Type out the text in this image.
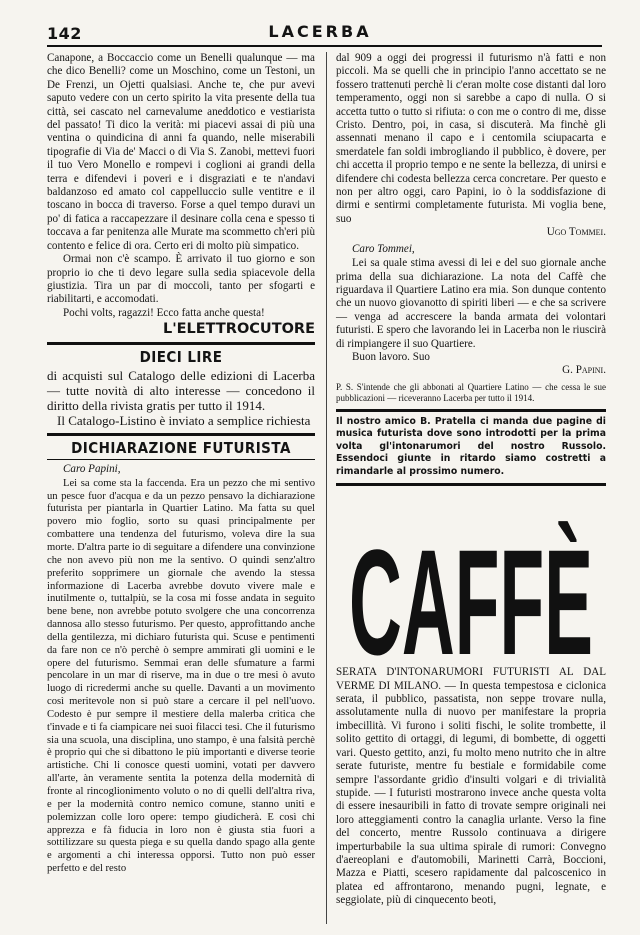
142	LACERBA

Canapone, a Boccaccio come un Benelli qualunque — ma che dico Benelli? come un Moschino, come un Testoni, un De Frenzi, un Ojetti qualsiasi. Anche te, che pur avevi saputo vedere con un certo spirito la vita presente della tua città, sei cascato nel carnevalume aneddotico e vestiarista del passato! Ti dico la verità: mi piacevi assai di più una ventina o quindicina di anni fa quando, nelle miserabili tipografie di Via de' Macci o di Via S. Zanobi, mettevi fuori il tuo Vero Monello e rompevi i coglioni ai grandi della terra e difendevi i poveri e i disgraziati e te n'andavi baldanzoso ed amato col cappelluccio sulle ventitre e il toscano in bocca di traverso. Forse a quel tempo duravi un po' di fatica a raccapezzare il desinare colla cena e spesso ti toccava a far penitenza alle Murate ma scommetto ch'eri più contento e felice di ora. Certo eri di molto più simpatico.

Ormai non c'è scampo. È arrivato il tuo giorno e son proprio io che ti devo legare sulla sedia spiacevole della giustizia. Tira un par di moccoli, tanto per sfogarti e riabilitarti, e accomodati.

Pochi volts, ragazzi! Ecco fatta anche questa!

L'ELETTROCUTORE
DIECI LIRE

di acquisti sul Catalogo delle edizioni di Lacerba — tutte novità di alto interesse — concedono il diritto della rivista gratis per tutto il 1914.

Il Catalogo-Listino è inviato a semplice richiesta

DICHIARAZIONE FUTURISTA

Caro Papini,

Lei sa come sta la faccenda. Era un pezzo che mi sentivo un pesce fuor d'acqua e da un pezzo pensavo la dichiarazione futurista per piantarla in Quartier Latino. Ma fatta su quel povero mio foglio, sorto su quasi principalmente per combattere una tendenza del futurismo, voleva dire la sua morte. D'altra parte io di seguitare a difendere una convinzione che non avevo più non me la sentivo. O quindi senz'altro preferito sopprimere un giornale che avendo la stessa informazione di Lacerba avrebbe dovuto vivere male e inutilmente o, tuttalpiù, se la cosa mi fosse andata in seguito bene bene, non avrebbe potuto svolgere che una concorrenza dannosa allo stesso futurismo. Per questo, approfittando anche della gentilezza, mi dichiaro futurista qui. Scuse e pentimenti da fare non ce n'ò perchè ò sempre ammirati gli uomini e le opere del futurismo. Semmai eran delle sfumature a farmi pencolare in un mar di riserve, ma in due o tre mesi ò avuto luogo di ricredermi anche su quelle. Davanti a un movimento così meritevole non si può stare a cercare il pel nell'uovo. Codesto è pur sempre il mestiere della malerba critica che t'invade e ti fa ciampicare nei suoi filacci tesi. Che il futurismo sia una scuola, una disciplina, uno stampo, è una falsità perchè è proprio qui che si dibattono le più importanti e diverse teorie artistiche. Chi li conosce questi uomini, votati per davvero all'arte, àn veramente sentita la potenza della modernità di fronte al rincoglionimento voluto o no di quelli dell'altra riva, e per la modernità contro nemico comune, stanno uniti e polemizzan colle loro opere: tempo giudicherà. E così chi apprezza e fà fiducia in loro non è giusta stia fuori a sottilizzare su questa piega e su quella dando spago alla gente e argomenti a chi interessa opporsi. Tutto non può esser perfetto e del resto

dal 909 a oggi dei progressi il futurismo n'à fatti e non piccoli. Ma se quelli che in principio l'anno accettato se ne fossero trattenuti perchè li c'eran molte cose distanti dal loro temperamento, oggi non si sarebbe a capo di nulla. O si accetta tutto o tutto si rifiuta: o con me o contro di me, disse Cristo. Dentro, poi, in casa, si discuterà. Ma finchè gli assennati menano il capo e i centomila sciupacarta e smerdatele fan soldi imbrogliando il pubblico, è dovere, per chi accetta il proprio tempo e ne sente la bellezza, di unirsi e difendere chi codesta bellezza cerca concretare. Per questo e non per altro oggi, caro Papini, io ò la soddisfazione di dirmi e sentirmi completamente futurista. Mi voglia bene, suo

Ugo Tommei.

Caro Tommei,

Lei sa quale stima avessi di lei e del suo giornale anche prima della sua dichiarazione. La nota del Caffè che riguardava il Quartiere Latino era mia. Son dunque contento che un nuovo giovanotto di spiriti liberi — e che sa scrivere — venga ad accrescere la banda armata dei volontari futuristi. E spero che lavorando lei in Lacerba non le riuscirà di rimpiangere il suo Quartiere.

Buon lavoro. Suo

G. Papini.

P. S. S'intende che gli abbonati al Quartiere Latino — che cessa le sue pubblicazioni — riceveranno Lacerba per tutto il 1914.
Il nostro amico B. Pratella ci manda due pagine di musica futurista dove sono introdotti per la prima volta gl'intonarumori del nostro Russolo. Essendoci giunte in ritardo siamo costretti a rimandarle al prossimo numero.
CAFFÈ

SERATA D'INTONARUMORI FUTURISTI AL DAL VERME DI MILANO. — In questa tempestosa e ciclonica serata, il pubblico, passatista, non seppe trovare nulla, assolutamente nulla di nuovo per manifestare la propria imbecillità. Vi furono i soliti fischi, le solite trombette, il solito gettito di ortaggi, di legumi, di bombette, di oggetti vari. Questo gettito, anzi, fu molto meno nutrito che in altre serate futuriste, mentre fu bestiale e formidabile come sempre l'assordante gridìo d'insulti volgari e di trivialità stupide. — I futuristi mostrarono invece anche questa volta di essere inesauribili in fatto di trovate sempre originali nei loro atteggiamenti contro la canaglia urlante. Verso la fine del concerto, mentre Russolo continuava a dirigere imperturbabile la sua ultima spirale di rumori: Convegno d'aereoplani e d'automobili, Marinetti Carrà, Boccioni, Mazza e Piatti, scesero rapidamente dal palcoscenico in platea ed affrontarono, menando pugni, legnate, e seggiolate, più di cinquecento beoti,
